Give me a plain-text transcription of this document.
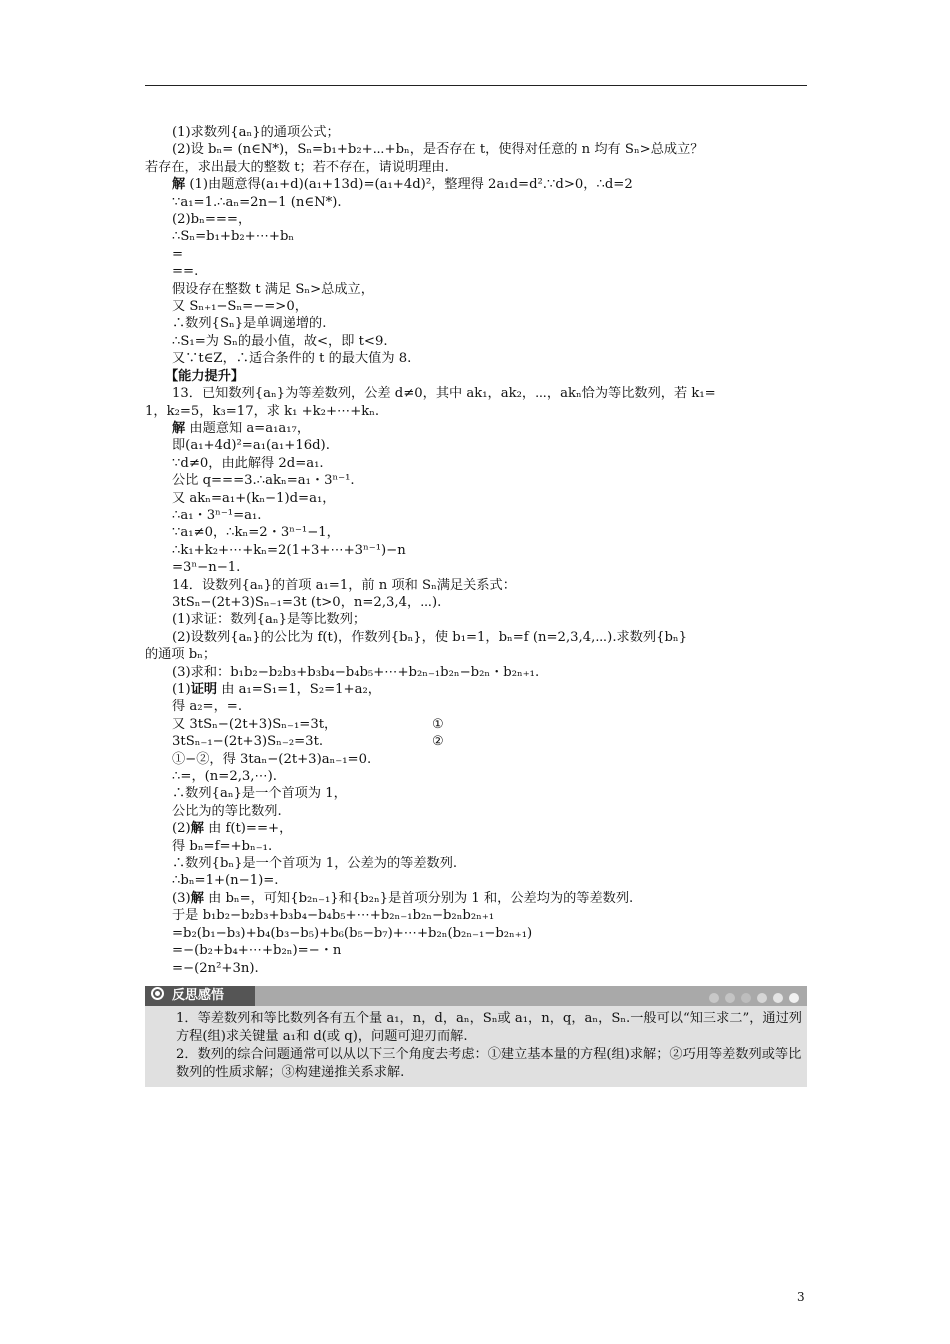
(1)求数列{aₙ}的通项公式；
(2)设 bₙ= (n∈N*)，Sₙ=b₁+b₂+⋯+bₙ，是否存在 t，使得对任意的 n 均有 Sₙ>总成立？
若存在，求出最大的整数 t；若不存在，请说明理由.
解 (1)由题意得(a₁+d)(a₁+13d)=(a₁+4d)²，整理得 2a₁d=d².∵d>0，∴d=2
∵a₁=1.∴aₙ=2n−1 (n∈N*).
(2)bₙ===，
∴Sₙ=b₁+b₂+⋯+bₙ
=
==.
假设存在整数 t 满足 Sₙ>总成立，
又 Sₙ₊₁−Sₙ=−=>0，
∴数列{Sₙ}是单调递增的.
∴S₁=为 Sₙ的最小值，故<，即 t<9.
又∵t∈Z，∴适合条件的 t 的最大值为 8.
【能力提升】
13．已知数列{aₙ}为等差数列，公差 d≠0，其中 ak₁，ak₂，⋯，akₙ恰为等比数列，若 k₁=
1，k₂=5，k₃=17，求 k₁ +k₂+⋯+kₙ.
解 由题意知 a=a₁a₁₇，
即(a₁+4d)²=a₁(a₁+16d).
∵d≠0，由此解得 2d=a₁.
公比 q===3.∴akₙ=a₁・3ⁿ⁻¹.
又 akₙ=a₁+(kₙ−1)d=a₁，
∴a₁・3ⁿ⁻¹=a₁.
∵a₁≠0，∴kₙ=2・3ⁿ⁻¹−1，
∴k₁+k₂+⋯+kₙ=2(1+3+⋯+3ⁿ⁻¹)−n
=3ⁿ−n−1.
14．设数列{aₙ}的首项 a₁=1，前 n 项和 Sₙ满足关系式：
3tSₙ−(2t+3)Sₙ₋₁=3t (t>0，n=2,3,4，⋯).
(1)求证：数列{aₙ}是等比数列；
(2)设数列{aₙ}的公比为 f(t)，作数列{bₙ}，使 b₁=1，bₙ=f (n=2,3,4,⋯).求数列{bₙ}
的通项 bₙ；
(3)求和：b₁b₂−b₂b₃+b₃b₄−b₄b₅+⋯+b₂ₙ₋₁b₂ₙ−b₂ₙ・b₂ₙ₊₁.
(1)证明 由 a₁=S₁=1，S₂=1+a₂，
得 a₂=，=.
又 3tSₙ−(2t+3)Sₙ₋₁=3t，	①
3tSₙ₋₁−(2t+3)Sₙ₋₂=3t.	②
①−②，得 3taₙ−(2t+3)aₙ₋₁=0.
∴=，(n=2,3,⋯).
∴数列{aₙ}是一个首项为 1，
公比为的等比数列.
(2)解 由 f(t)==+，
得 bₙ=f=+bₙ₋₁.
∴数列{bₙ}是一个首项为 1，公差为的等差数列.
∴bₙ=1+(n−1)=.
(3)解 由 bₙ=，可知{b₂ₙ₋₁}和{b₂ₙ}是首项分别为 1 和，公差均为的等差数列.
于是 b₁b₂−b₂b₃+b₃b₄−b₄b₅+⋯+b₂ₙ₋₁b₂ₙ−b₂ₙb₂ₙ₊₁
=b₂(b₁−b₃)+b₄(b₃−b₅)+b₆(b₅−b₇)+⋯+b₂ₙ(b₂ₙ₋₁−b₂ₙ₊₁)
=−(b₂+b₄+⋯+b₂ₙ)=−・n
=−(2n²+3n).
反思感悟
1．等差数列和等比数列各有五个量 a₁，n，d，aₙ，Sₙ或 a₁，n，q，aₙ，Sₙ.一般可以“知三求二”，通过列方程(组)求关键量 a₁和 d(或 q)，问题可迎刃而解.
2．数列的综合问题通常可以从以下三个角度去考虑：①建立基本量的方程(组)求解；②巧用等差数列或等比数列的性质求解；③构建递推关系求解.
3
